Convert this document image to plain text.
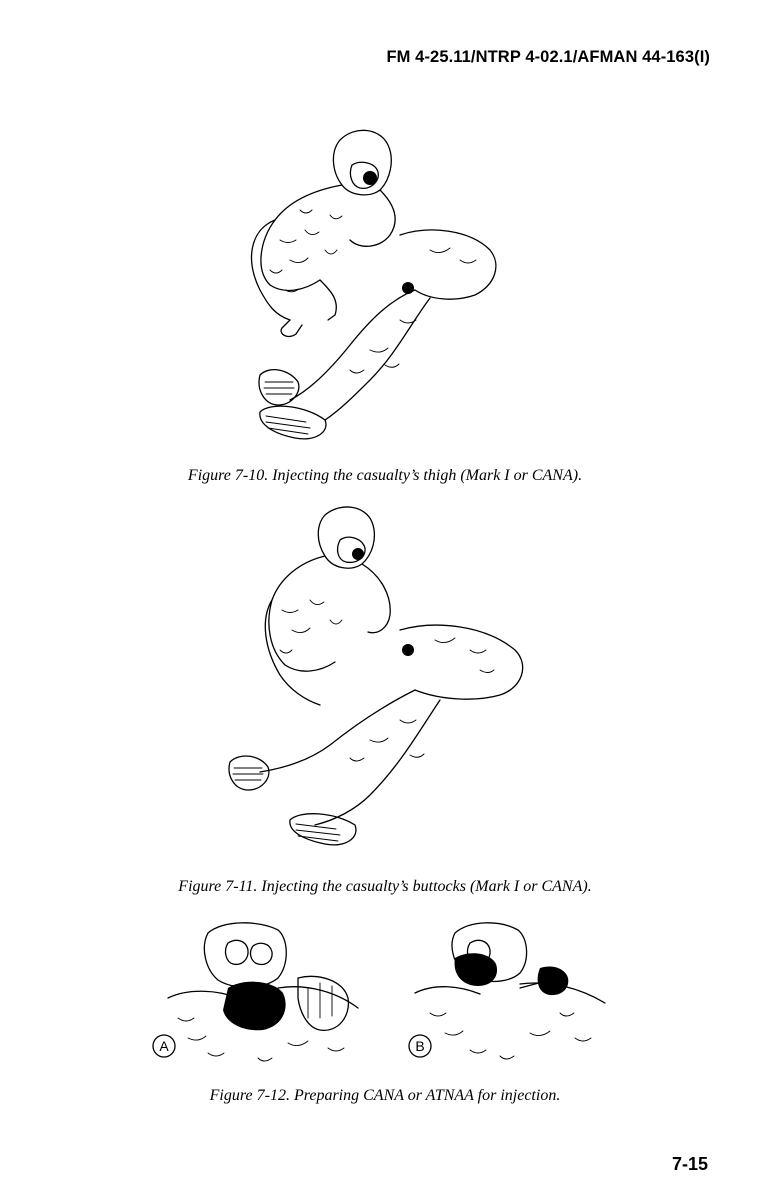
FM 4-25.11/NTRP 4-02.1/AFMAN 44-163(I)
Figure 7-10. Injecting the casualty’s thigh (Mark I or CANA).
Figure 7-11. Injecting the casualty’s buttocks (Mark I or CANA).
A	B
Figure 7-12. Preparing CANA or ATNAA for injection.
7-15
